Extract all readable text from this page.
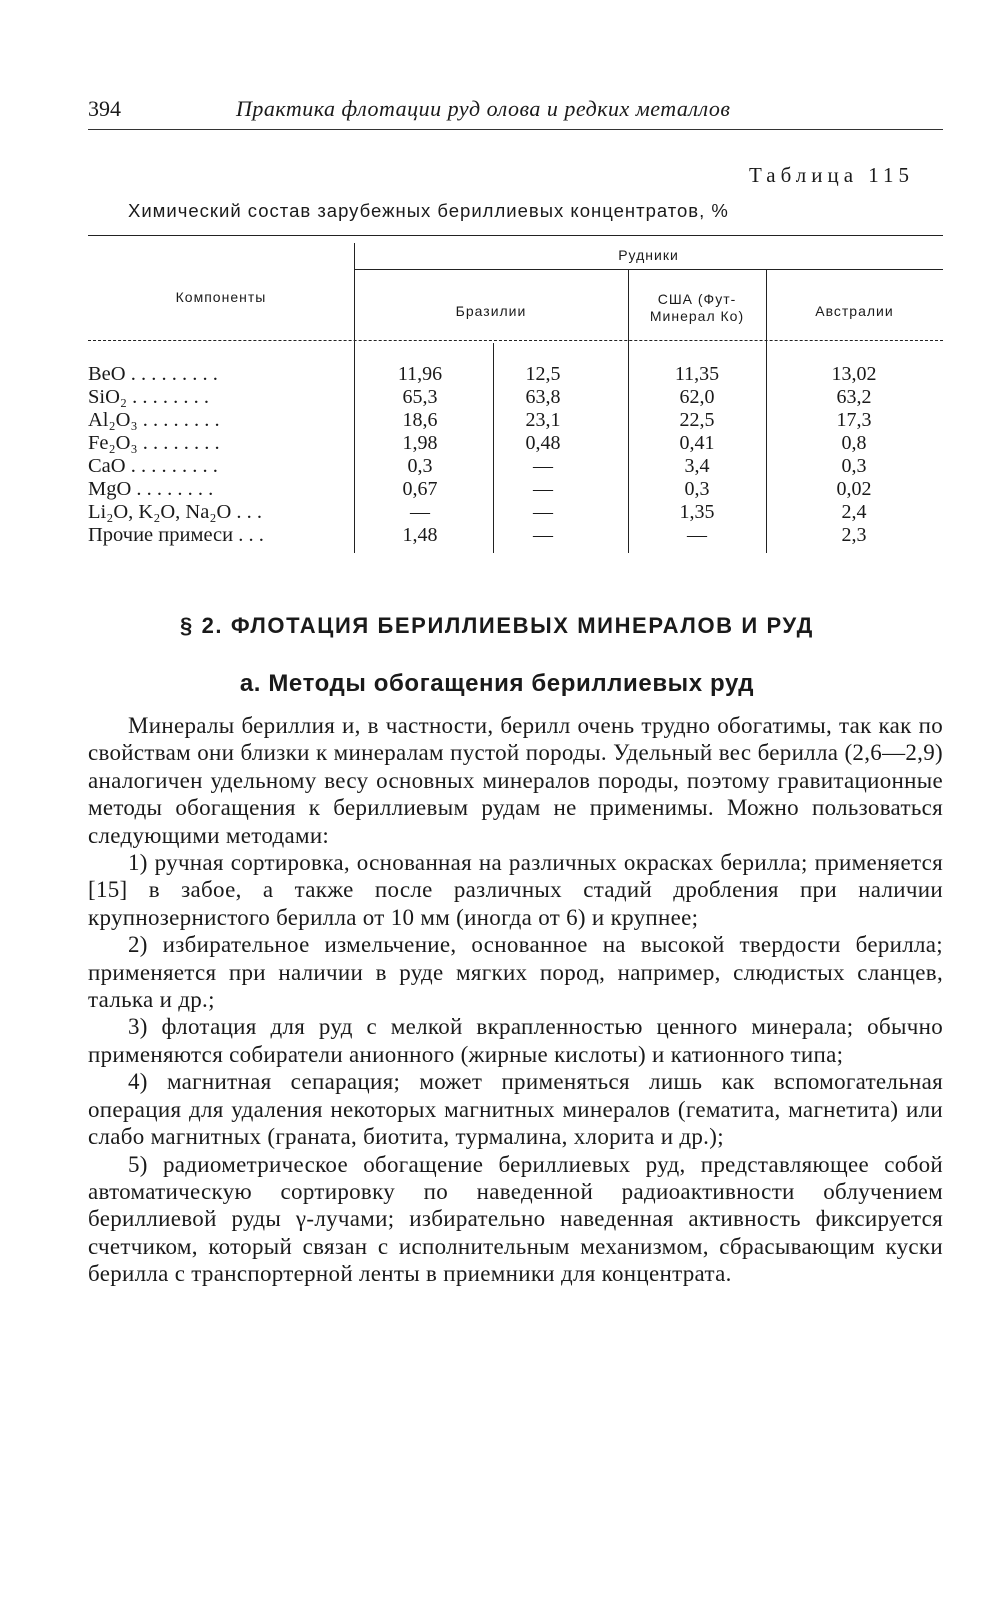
394	Практика флотации руд олова и редких металлов
Таблица 115
Химический состав зарубежных бериллиевых концентратов, %
Компоненты
Рудники
Бразилии
США (Фут-
Минерал Ко)	Австралии
BeO . . . . . . . . .	11,96	12,5	11,35	13,02
SiO₂ . . . . . . . .	65,3	63,8	62,0	63,2
Al₂O₃ . . . . . . . .	18,6	23,1	22,5	17,3
Fe₂O₃ . . . . . . . .	1,98	0,48	0,41	0,8
CaO . . . . . . . . .	0,3	—	3,4	0,3
MgO . . . . . . . .	0,67	—	0,3	0,02
Li₂O, K₂O, Na₂O . . .	—	—	1,35	2,4
Прочие примеси . . .	1,48	—	—	2,3
§ 2. ФЛОТАЦИЯ БЕРИЛЛИЕВЫХ МИНЕРАЛОВ И РУД
а. Методы обогащения бериллиевых руд

Минералы бериллия и, в частности, берилл очень трудно обогатимы, так как по свойствам они близки к минералам пустой породы. Удельный вес берилла (2,6—2,9) аналогичен удельному весу основных минералов породы, поэтому гравитационные методы обогащения к бериллиевым рудам не применимы. Можно пользоваться следующими методами:

1) ручная сортировка, основанная на различных окрасках берилла; применяется [15] в забое, а также после различных стадий дробления при наличии крупнозернистого берилла от 10 мм (иногда от 6) и крупнее;

2) избирательное измельчение, основанное на высокой твердости берилла; применяется при наличии в руде мягких пород, например, слюдистых сланцев, талька и др.;

3) флотация для руд с мелкой вкрапленностью ценного минерала; обычно применяются собиратели анионного (жирные кислоты) и катионного типа;

4) магнитная сепарация; может применяться лишь как вспомогательная операция для удаления некоторых магнитных минералов (гематита, магнетита) или слабо магнитных (граната, биотита, турмалина, хлорита и др.);

5) радиометрическое обогащение бериллиевых руд, представляющее собой автоматическую сортировку по наведенной радиоактивности облучением бериллиевой руды γ-лучами; избирательно наведенная активность фиксируется счетчиком, который связан с исполнительным механизмом, сбрасывающим куски берилла с транспортерной ленты в приемники для концентрата.
